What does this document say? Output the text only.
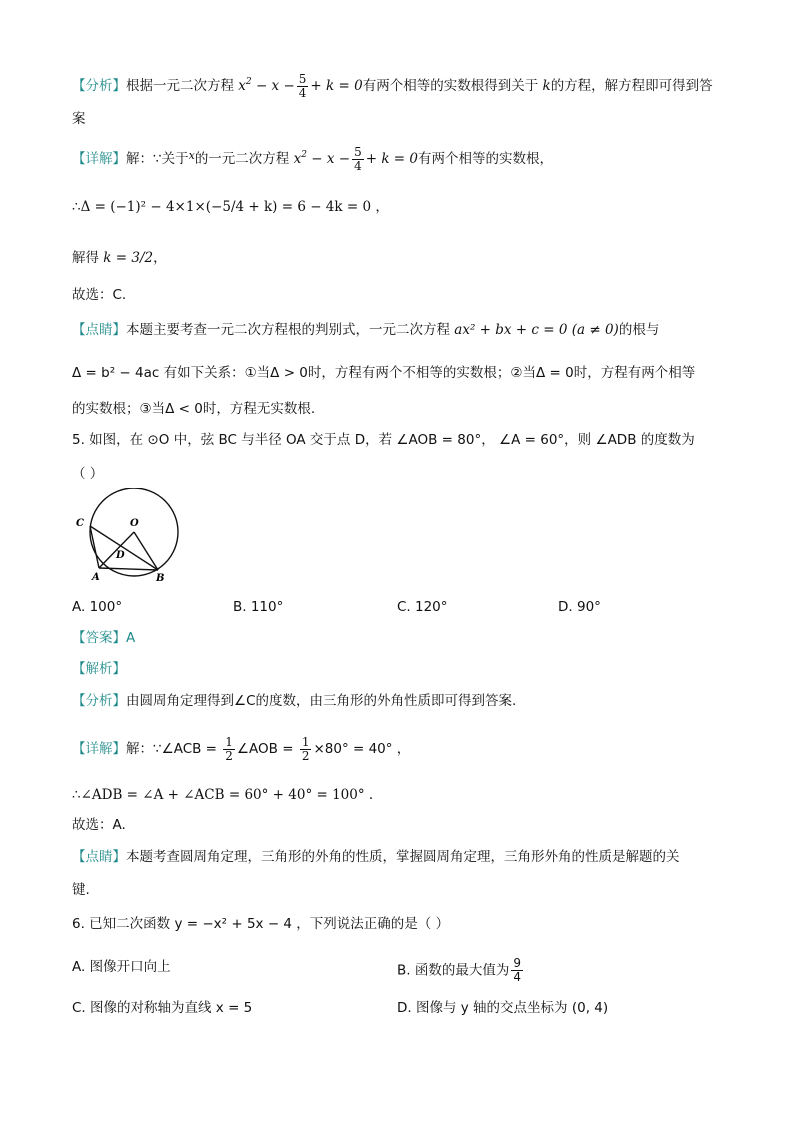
【分析】根据一元二次方程 $x^2 - x - \frac{5}{4} + k = 0$有两个相等的实数根得到关于 k的方程，解方程即可得到答
案
【详解】解：∵关于$^x$的一元二次方程 $x^2 - x - \frac{5}{4} + k = 0$有两个相等的实数根，
∴Δ = (−1)² − 4×1×(−5/4 + k) = 6 − 4k = 0 ，
解得 k = 3/2，
故选：C.
【点睛】本题主要考查一元二次方程根的判别式，一元二次方程 ax² + bx + c = 0 (a ≠ 0)的根与
Δ = b² − 4ac 有如下关系：①当Δ > 0时，方程有两个不相等的实数根；②当Δ = 0时，方程有两个相等
的实数根；③当Δ < 0时，方程无实数根.
5. 如图，在 ⊙O 中，弦 BC 与半径 OA 交于点 D，若 ∠AOB = 80°， ∠A = 60°，则 ∠ADB 的度数为
（ ）
C	O
D
A	B
A. 100°	B. 110°	C. 120°	D. 90°
【答案】A
【解析】
【分析】由圆周角定理得到∠C的度数，由三角形的外角性质即可得到答案.
【详解】解：∵∠ACB = $\frac{1}{2}$ ∠AOB = $\frac{1}{2} \times 80^\circ = 40^\circ$ ，
∴∠ADB = ∠A + ∠ACB = 60° + 40° = 100° .
故选：A.
【点睛】本题考查圆周角定理，三角形的外角的性质，掌握圆周角定理，三角形外角的性质是解题的关
键.
6. 已知二次函数 y = −x² + 5x − 4 ，下列说法正确的是（ ）
A. 图像开口向上	B. 函数的最大值为 $\frac{9}{4}$
C. 图像的对称轴为直线 x = 5	D. 图像与 y 轴的交点坐标为 (0, 4)
